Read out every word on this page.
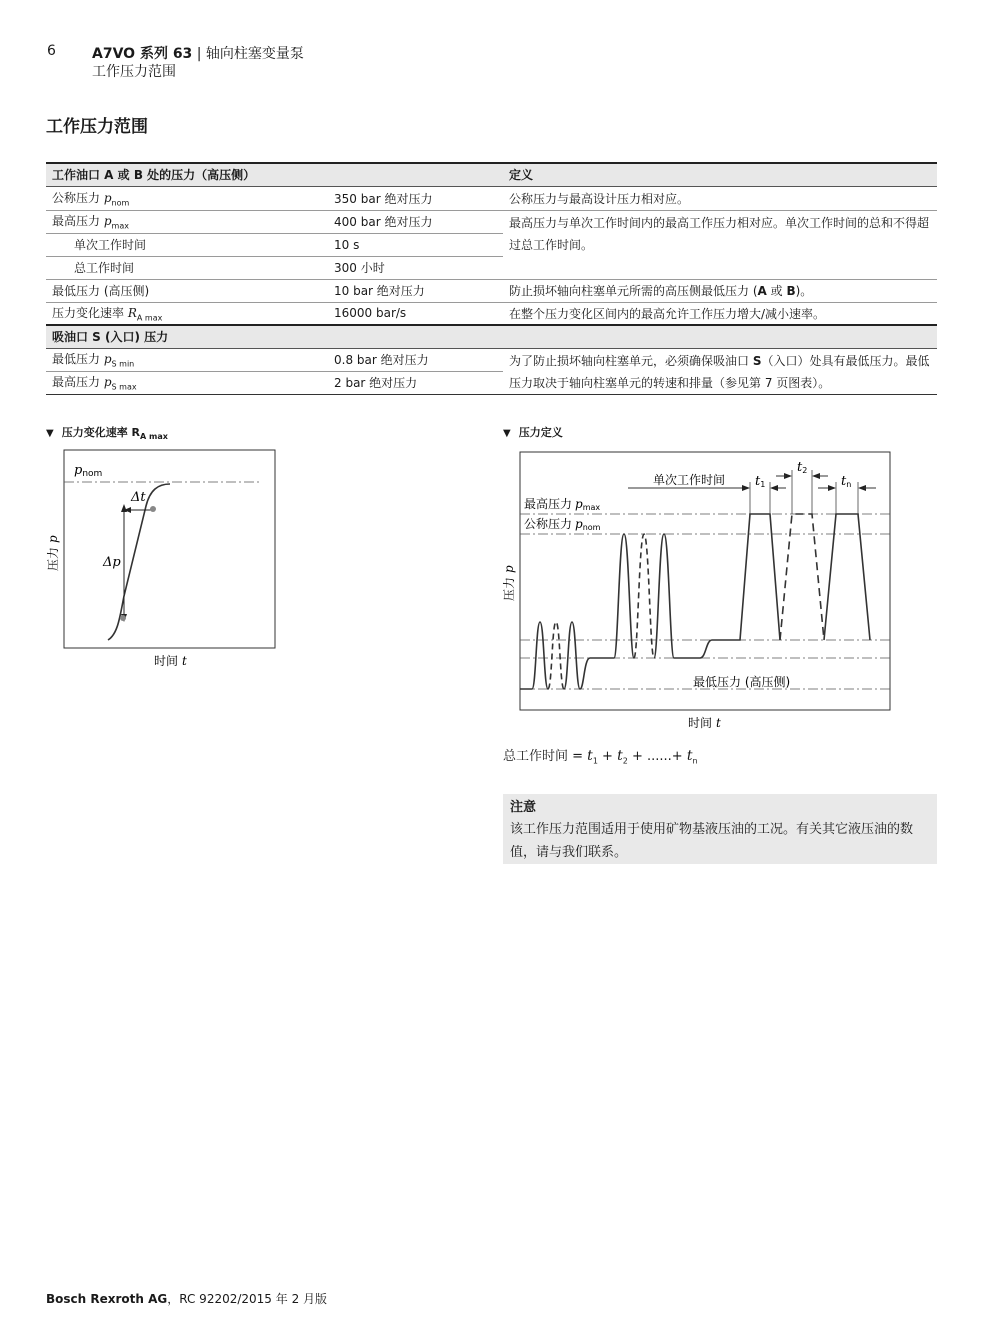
6	A7VO 系列 63 | 轴向柱塞变量泵
工作压力范围
工作压力范围
工作油口 A 或 B 处的压力（高压侧）		定义
公称压力 $p_{nom}$	350 bar 绝对压力	公称压力与最高设计压力相对应。
最高压力 $p_{max}$	400 bar 绝对压力	最高压力与单次工作时间内的最高工作压力相对应。单次工作时间的总和不得超过总工作时间。
单次工作时间	10 s	
总工作时间	300 小时	
最低压力 (高压侧)	10 bar 绝对压力	防止损坏轴向柱塞单元所需的高压侧最低压力 (A 或 B)。
压力变化速率 $R_{A max}$	16000 bar/s	在整个压力变化区间内的最高允许工作压力增大/减小速率。
吸油口 S (入口) 压力		
最低压力 $p_{S min}$	0.8 bar 绝对压力	为了防止损坏轴向柱塞单元，必须确保吸油口 S（入口）处具有最低压力。最低压力取决于轴向柱塞单元的转速和排量（参见第 7 页图表）。
最高压力 $p_{S max}$	2 bar 绝对压力	
▼ 压力变化速率 $R_{A max}$
pnom
Δt
Δp
压力p
时间 t
▼ 压力定义
单次工作时间 t1
t2
tn
最高压力 pmax
公称压力 pnom
最低压力 (高压侧)
压力p
时间 t
总工作时间 = $t_1 + t_2$ + ......+ $t_n$
注意
该工作压力范围适用于使用矿物基液压油的工况。有关其它液压油的数值，请与我们联系。
Bosch Rexroth AG，RC 92202/2015 年 2 月版
